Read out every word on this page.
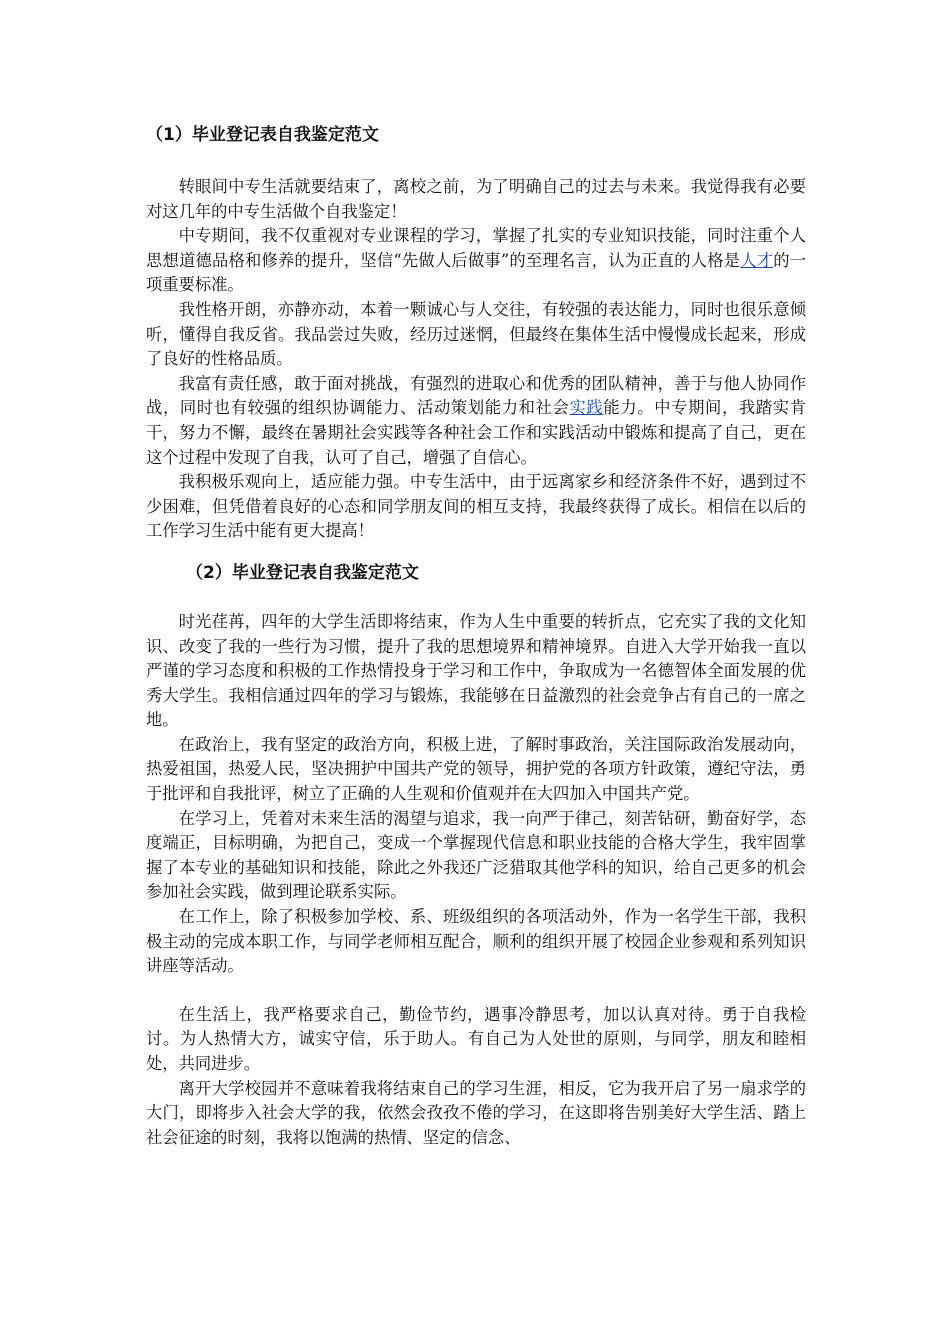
（1）毕业登记表自我鉴定范文

转眼间中专生活就要结束了，离校之前，为了明确自己的过去与未来。我觉得我有必要对这几年的中专生活做个自我鉴定！

中专期间，我不仅重视对专业课程的学习，掌握了扎实的专业知识技能，同时注重个人思想道德品格和修养的提升，坚信“先做人后做事”的至理名言，认为正直的人格是人才的一项重要标准。

我性格开朗，亦静亦动，本着一颗诚心与人交往，有较强的表达能力，同时也很乐意倾听，懂得自我反省。我品尝过失败，经历过迷惘，但最终在集体生活中慢慢成长起来，形成了良好的性格品质。

我富有责任感，敢于面对挑战，有强烈的进取心和优秀的团队精神，善于与他人协同作战，同时也有较强的组织协调能力、活动策划能力和社会实践能力。中专期间，我踏实肯干，努力不懈，最终在暑期社会实践等各种社会工作和实践活动中锻炼和提高了自己，更在这个过程中发现了自我，认可了自己，增强了自信心。

我积极乐观向上，适应能力强。中专生活中，由于远离家乡和经济条件不好，遇到过不少困难，但凭借着良好的心态和同学朋友间的相互支持，我最终获得了成长。相信在以后的工作学习生活中能有更大提高！

（2）毕业登记表自我鉴定范文

时光荏苒，四年的大学生活即将结束，作为人生中重要的转折点，它充实了我的文化知识、改变了我的一些行为习惯，提升了我的思想境界和精神境界。自进入大学开始我一直以严谨的学习态度和积极的工作热情投身于学习和工作中，争取成为一名德智体全面发展的优秀大学生。我相信通过四年的学习与锻炼，我能够在日益激烈的社会竞争占有自己的一席之地。

在政治上，我有坚定的政治方向，积极上进，了解时事政治，关注国际政治发展动向，热爱祖国，热爱人民，坚决拥护中国共产党的领导，拥护党的各项方针政策，遵纪守法，勇于批评和自我批评，树立了正确的人生观和价值观并在大四加入中国共产党。

在学习上，凭着对未来生活的渴望与追求，我一向严于律己，刻苦钻研，勤奋好学，态度端正，目标明确，为把自己，变成一个掌握现代信息和职业技能的合格大学生，我牢固掌握了本专业的基础知识和技能，除此之外我还广泛猎取其他学科的知识，给自己更多的机会参加社会实践，做到理论联系实际。

在工作上，除了积极参加学校、系、班级组织的各项活动外，作为一名学生干部，我积极主动的完成本职工作，与同学老师相互配合，顺利的组织开展了校园企业参观和系列知识讲座等活动。

在生活上，我严格要求自己，勤俭节约，遇事冷静思考，加以认真对待。勇于自我检讨。为人热情大方，诚实守信，乐于助人。有自己为人处世的原则，与同学，朋友和睦相处，共同进步。

离开大学校园并不意味着我将结束自己的学习生涯，相反，它为我开启了另一扇求学的大门，即将步入社会大学的我，依然会孜孜不倦的学习，在这即将告别美好大学生活、踏上社会征途的时刻，我将以饱满的热情、坚定的信念、
